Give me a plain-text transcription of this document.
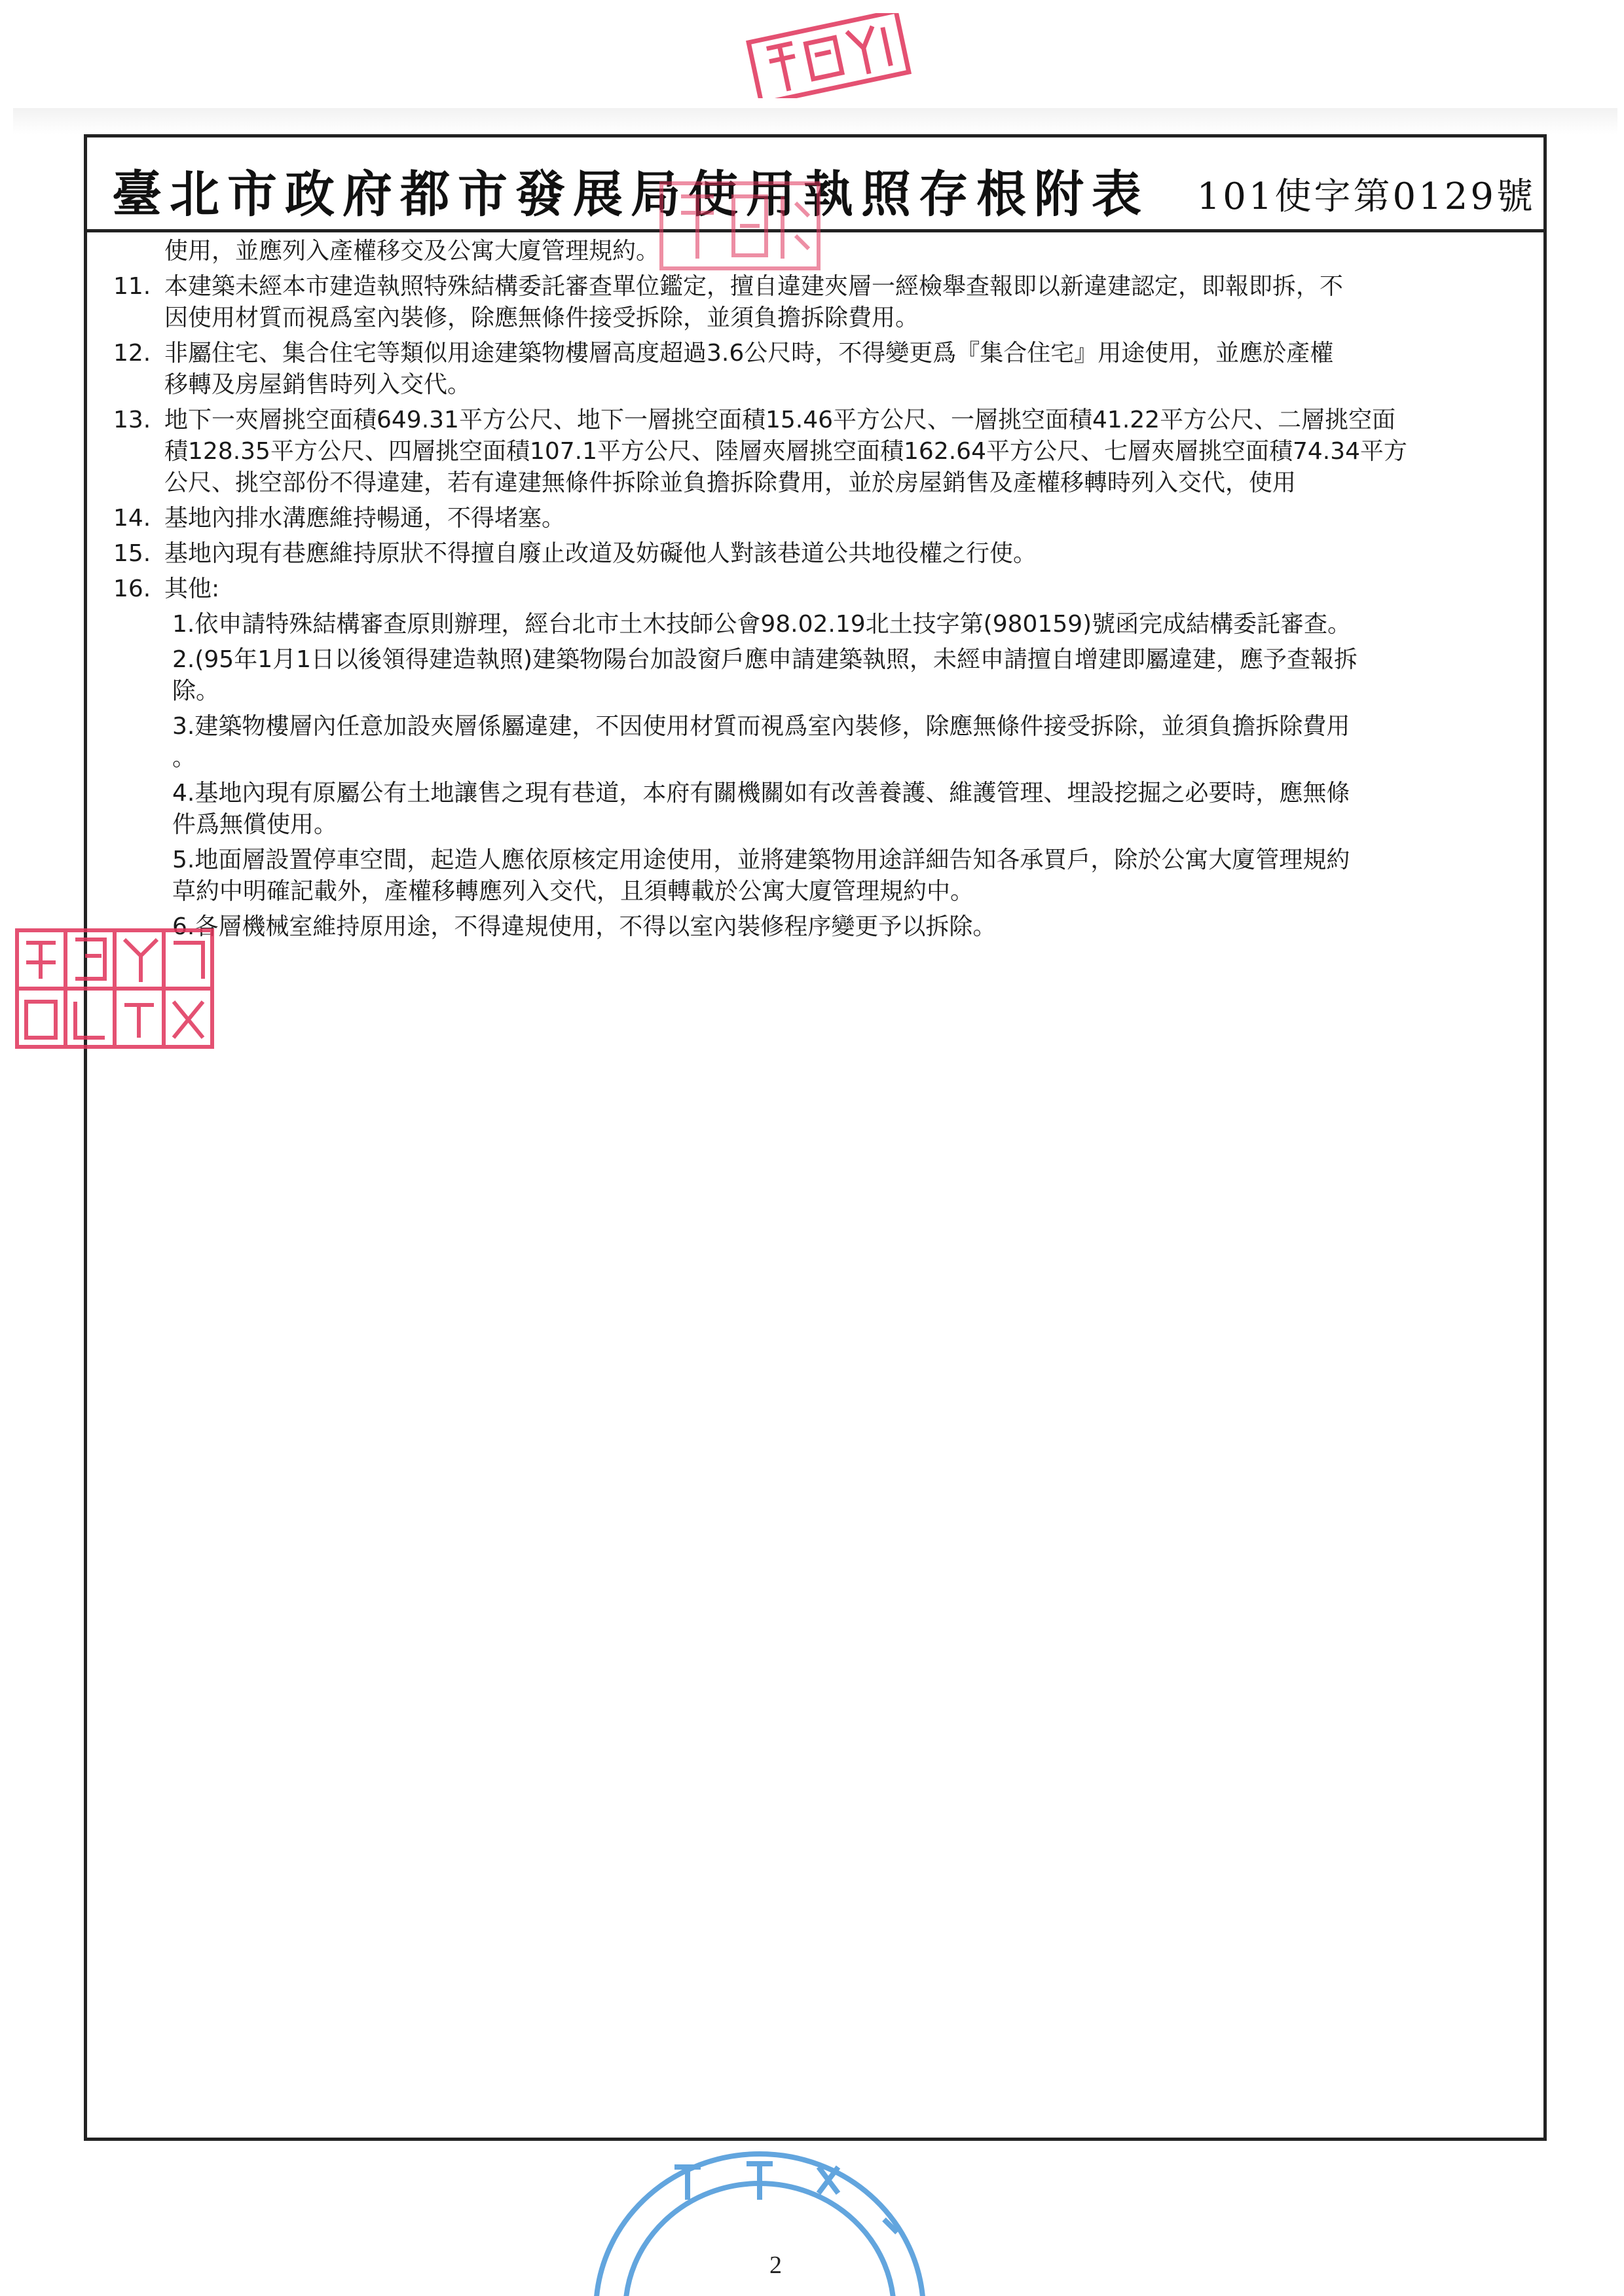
臺北市政府都市發展局使用執照存根附表 101使字第0129號
使用，並應列入產權移交及公寓大廈管理規約。
11. 本建築未經本市建造執照特殊結構委託審查單位鑑定，擅自違建夾層一經檢舉查報即以新違建認定，即報即拆，不
因使用材質而視爲室內裝修，除應無條件接受拆除，並須負擔拆除費用。
12. 非屬住宅、集合住宅等類似用途建築物樓層高度超過3.6公尺時，不得變更爲『集合住宅』用途使用，並應於產權
移轉及房屋銷售時列入交代。
13. 地下一夾層挑空面積649.31平方公尺、地下一層挑空面積15.46平方公尺、一層挑空面積41.22平方公尺、二層挑空面
積128.35平方公尺、四層挑空面積107.1平方公尺、陸層夾層挑空面積162.64平方公尺、七層夾層挑空面積74.34平方
公尺、挑空部份不得違建，若有違建無條件拆除並負擔拆除費用，並於房屋銷售及產權移轉時列入交代，使用
14. 基地內排水溝應維持暢通，不得堵塞。
15. 基地內現有巷應維持原狀不得擅自廢止改道及妨礙他人對該巷道公共地役權之行使。
16. 其他:
1.依申請特殊結構審查原則辦理，經台北市土木技師公會98.02.19北土技字第(980159)號函完成結構委託審查。
2.(95年1月1日以後領得建造執照)建築物陽台加設窗戶應申請建築執照，未經申請擅自增建即屬違建，應予查報拆
除。
3.建築物樓層內任意加設夾層係屬違建，不因使用材質而視爲室內裝修，除應無條件接受拆除，並須負擔拆除費用
。
4.基地內現有原屬公有土地讓售之現有巷道，本府有關機關如有改善養護、維護管理、埋設挖掘之必要時，應無條
件爲無償使用。
5.地面層設置停車空間，起造人應依原核定用途使用，並將建築物用途詳細告知各承買戶，除於公寓大廈管理規約
草約中明確記載外，產權移轉應列入交代，且須轉載於公寓大廈管理規約中。
6.各層機械室維持原用途，不得違規使用，不得以室內裝修程序變更予以拆除。
2
